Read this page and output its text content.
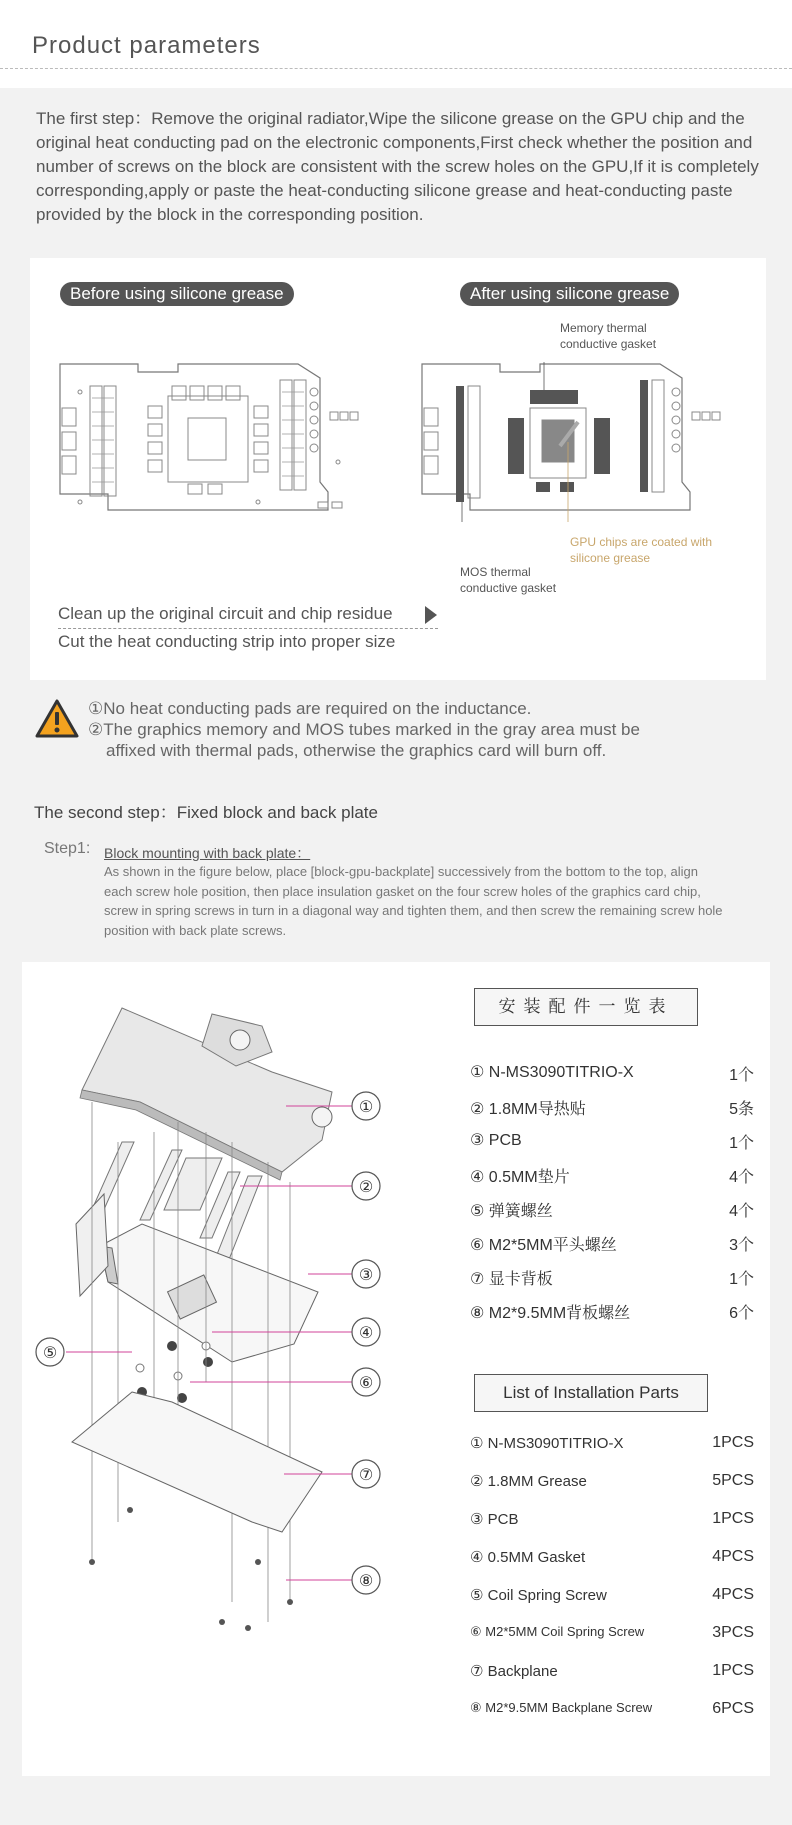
Product parameters

The first step：Remove the original radiator,Wipe the silicone grease on the GPU chip and the original heat conducting pad on the electronic components,First check whether the position and number of screws on the block are consistent with the screw holes on the GPU,If it is completely corresponding,apply or paste the heat-conducting silicone grease and heat-conducting paste provided by the block in the corresponding position.

Before using silicone grease	After using silicone grease
Memory thermal conductive gasket
GPU chips are coated with silicone grease
MOS thermal conductive gasket
Clean up the original circuit and chip residue
Cut the heat conducting strip into proper size
①No heat conducting pads are required on the inductance.
②The graphics memory and MOS tubes marked in the gray area must be
affixed with thermal pads, otherwise the graphics card will burn off.
The second step：Fixed block and back plate
Step1: Block mounting with back plate：

As shown in the figure below, place [block-gpu-backplate] successively from the bottom to the top, align each screw hole position, then place insulation gasket on the four screw holes of the graphics card chip, screw in spring screws in turn in a diagonal way and tighten them, and then screw the remaining screw hole position with back plate screws.

①
②
③
④
⑤
⑥
⑦
⑧
安装配件一览表
① N-MS3090TITRIO-X	1个
② 1.8MM导热贴	5条
③ PCB	1个
④ 0.5MM垫片	4个
⑤ 弹簧螺丝	4个
⑥ M2*5MM平头螺丝	3个
⑦ 显卡背板	1个
⑧ M2*9.5MM背板螺丝	6个
List of Installation Parts
① N-MS3090TITRIO-X	1PCS
② 1.8MM Grease	5PCS
③ PCB	1PCS
④ 0.5MM Gasket	4PCS
⑤ Coil Spring Screw	4PCS
⑥ M2*5MM Coil Spring Screw	3PCS
⑦ Backplane	1PCS
⑧ M2*9.5MM Backplane Screw	6PCS
